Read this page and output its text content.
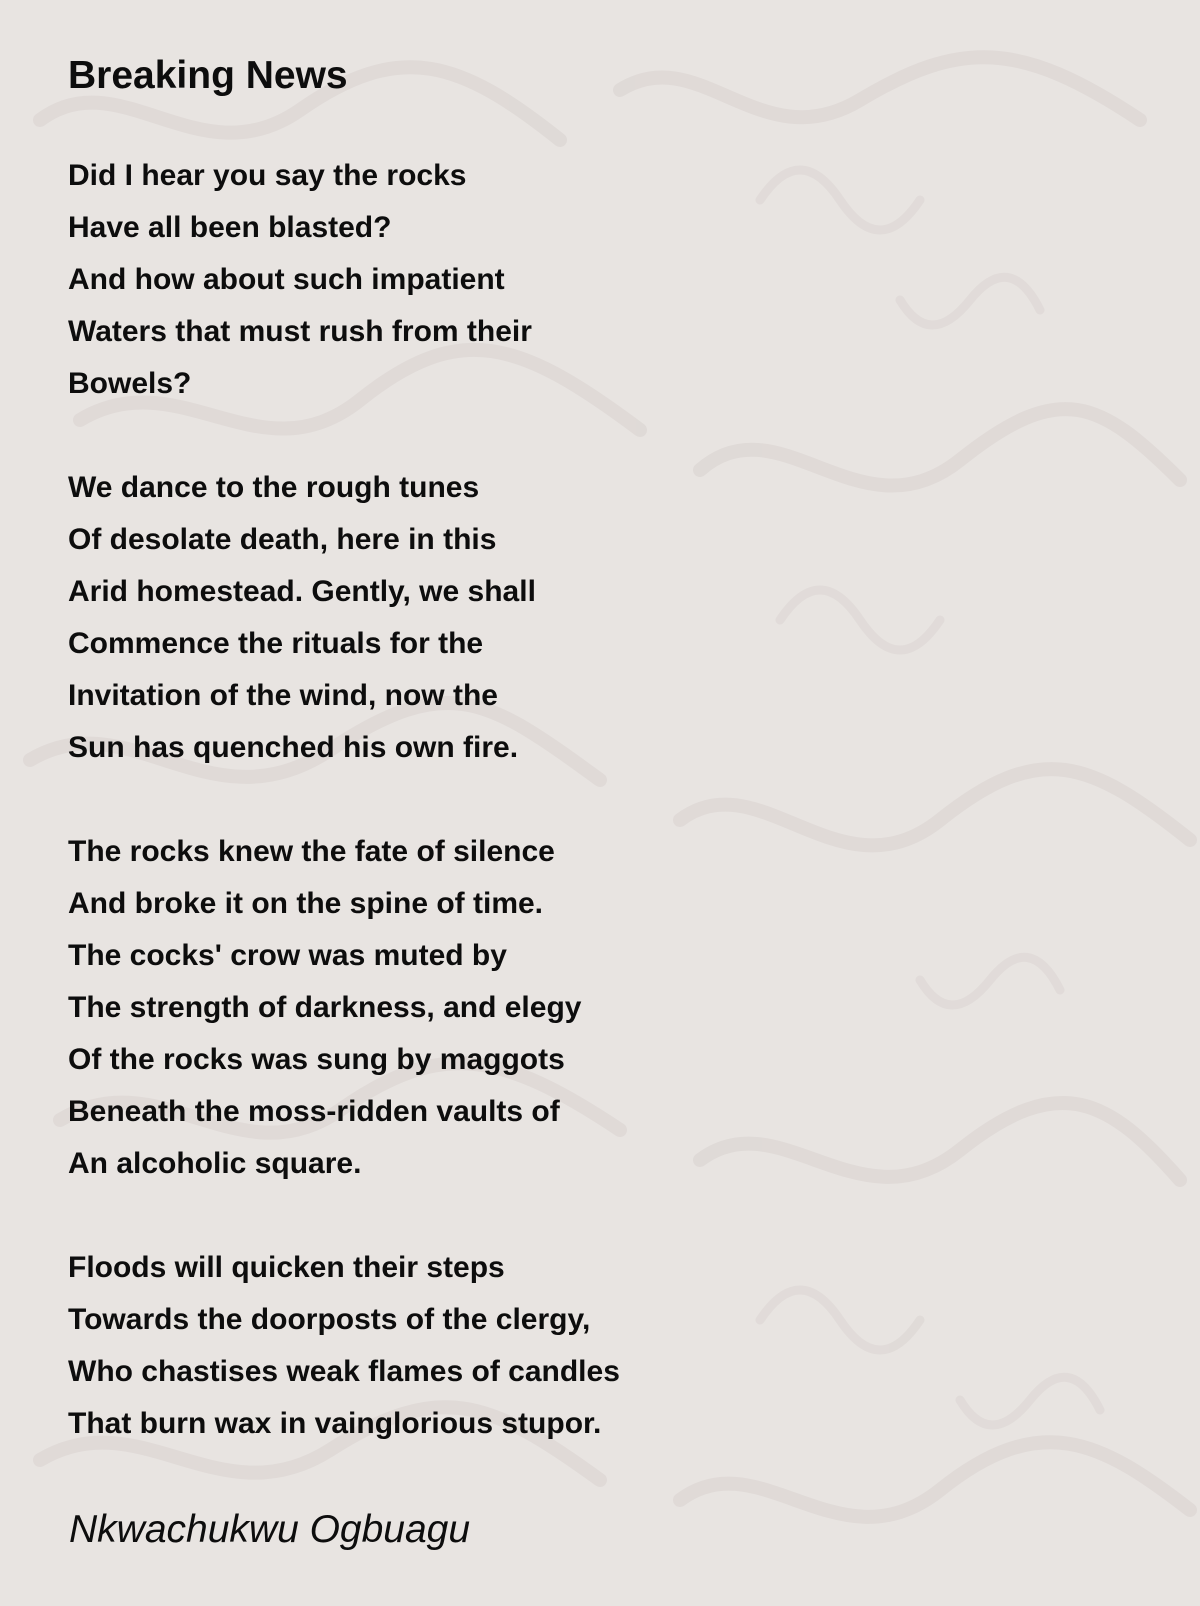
Breaking News
Did I hear you say the rocks
Have all been blasted?
And how about such impatient
Waters that must rush from their
Bowels?
We dance to the rough tunes
Of desolate death, here in this
Arid homestead. Gently, we shall
Commence the rituals for the
Invitation of the wind, now the
Sun has quenched his own fire.
The rocks knew the fate of silence
And broke it on the spine of time.
The cocks' crow was muted by
The strength of darkness, and elegy
Of the rocks was sung by maggots
Beneath the moss-ridden vaults of
An alcoholic square.
Floods will quicken their steps
Towards the doorposts of the clergy,
Who chastises weak flames of candles
That burn wax in vainglorious stupor.
Nkwachukwu Ogbuagu
